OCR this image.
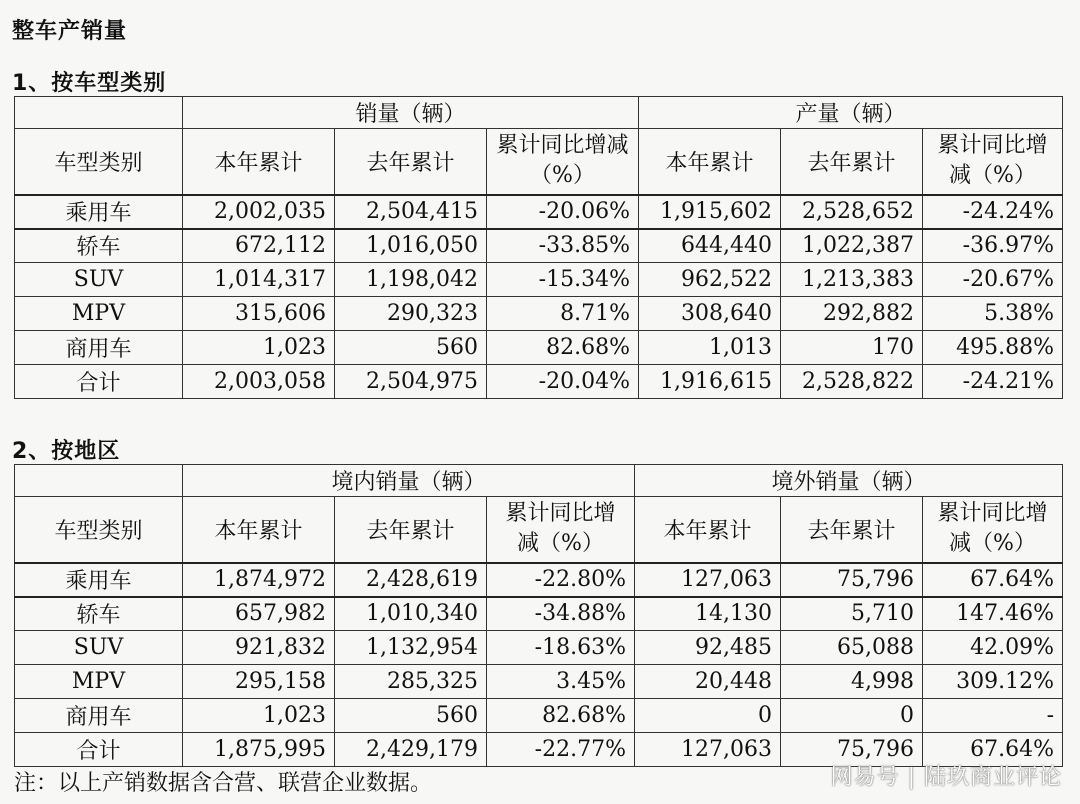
整车产销量
1、按车型类别
	销量（辆）			产量（辆）		
车型类别	本年累计	去年累计	累计同比增减（%）	本年累计	去年累计	累计同比增减（%）
乘用车	2,002,035	2,504,415	-20.06%	1,915,602	2,528,652	-24.24%
轿车	672,112	1,016,050	-33.85%	644,440	1,022,387	-36.97%
SUV	1,014,317	1,198,042	-15.34%	962,522	1,213,383	-20.67%
MPV	315,606	290,323	8.71%	308,640	292,882	5.38%
商用车	1,023	560	82.68%	1,013	170	495.88%
合计	2,003,058	2,504,975	-20.04%	1,916,615	2,528,822	-24.21%
2、按地区
	境内销量（辆）			境外销量（辆）		
车型类别	本年累计	去年累计	累计同比增减（%）	本年累计	去年累计	累计同比增减（%）
乘用车	1,874,972	2,428,619	-22.80%	127,063	75,796	67.64%
轿车	657,982	1,010,340	-34.88%	14,130	5,710	147.46%
SUV	921,832	1,132,954	-18.63%	92,485	65,088	42.09%
MPV	295,158	285,325	3.45%	20,448	4,998	309.12%
商用车	1,023	560	82.68%	0	0	-
合计	1,875,995	2,429,179	-22.77%	127,063	75,796	67.64%
注：以上产销数据含合营、联营企业数据。	网易号 | 陆玖商业评论
